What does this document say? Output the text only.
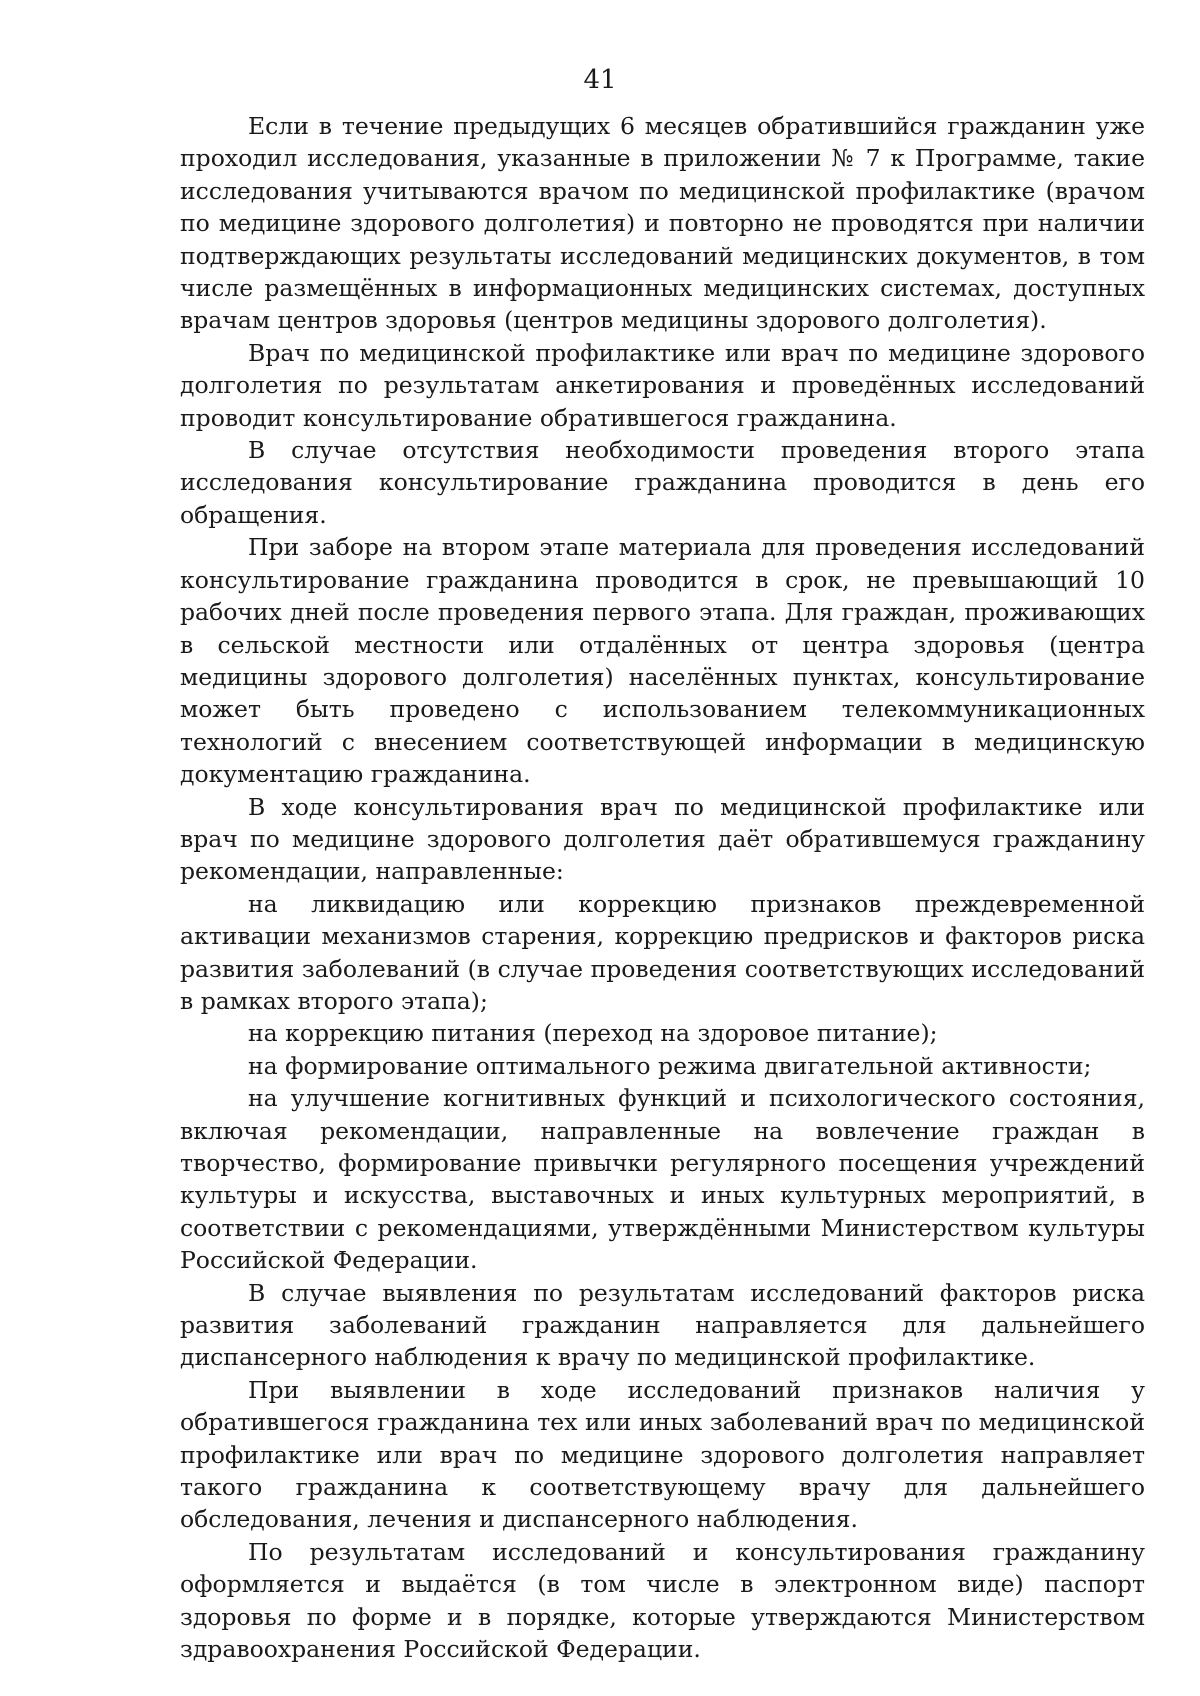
41

Если в течение предыдущих 6 месяцев обратившийся гражданин уже проходил исследования, указанные в приложении № 7 к Программе, такие исследования учитываются врачом по медицинской профилактике (врачом по медицине здорового долголетия) и повторно не проводятся при наличии подтверждающих результаты исследований медицинских документов, в том числе размещённых в информационных медицинских системах, доступных врачам центров здоровья (центров медицины здорового долголетия).

Врач по медицинской профилактике или врач по медицине здорового долголетия по результатам анкетирования и проведённых исследований проводит консультирование обратившегося гражданина.

В случае отсутствия необходимости проведения второго этапа исследования консультирование гражданина проводится в день его обращения.

При заборе на втором этапе материала для проведения исследований консультирование гражданина проводится в срок, не превышающий 10 рабочих дней после проведения первого этапа. Для граждан, проживающих в сельской местности или отдалённых от центра здоровья (центра медицины здорового долголетия) населённых пунктах, консультирование может быть проведено с использованием телекоммуникационных технологий с внесением соответствующей информации в медицинскую документацию гражданина.

В ходе консультирования врач по медицинской профилактике или врач по медицине здорового долголетия даёт обратившемуся гражданину рекомендации, направленные:

на ликвидацию или коррекцию признаков преждевременной активации механизмов старения, коррекцию предрисков и факторов риска развития заболеваний (в случае проведения соответствующих исследований в рамках второго этапа);

на коррекцию питания (переход на здоровое питание);

на формирование оптимального режима двигательной активности;

на улучшение когнитивных функций и психологического состояния, включая рекомендации, направленные на вовлечение граждан в творчество, формирование привычки регулярного посещения учреждений культуры и искусства, выставочных и иных культурных мероприятий, в соответствии с рекомендациями, утверждёнными Министерством культуры Российской Федерации.

В случае выявления по результатам исследований факторов риска развития заболеваний гражданин направляется для дальнейшего диспансерного наблюдения к врачу по медицинской профилактике.

При выявлении в ходе исследований признаков наличия у обратившегося гражданина тех или иных заболеваний врач по медицинской профилактике или врач по медицине здорового долголетия направляет такого гражданина к соответствующему врачу для дальнейшего обследования, лечения и диспансерного наблюдения.

По результатам исследований и консультирования гражданину оформляется и выдаётся (в том числе в электронном виде) паспорт здоровья по форме и в порядке, которые утверждаются Министерством здравоохранения Российской Федерации.
